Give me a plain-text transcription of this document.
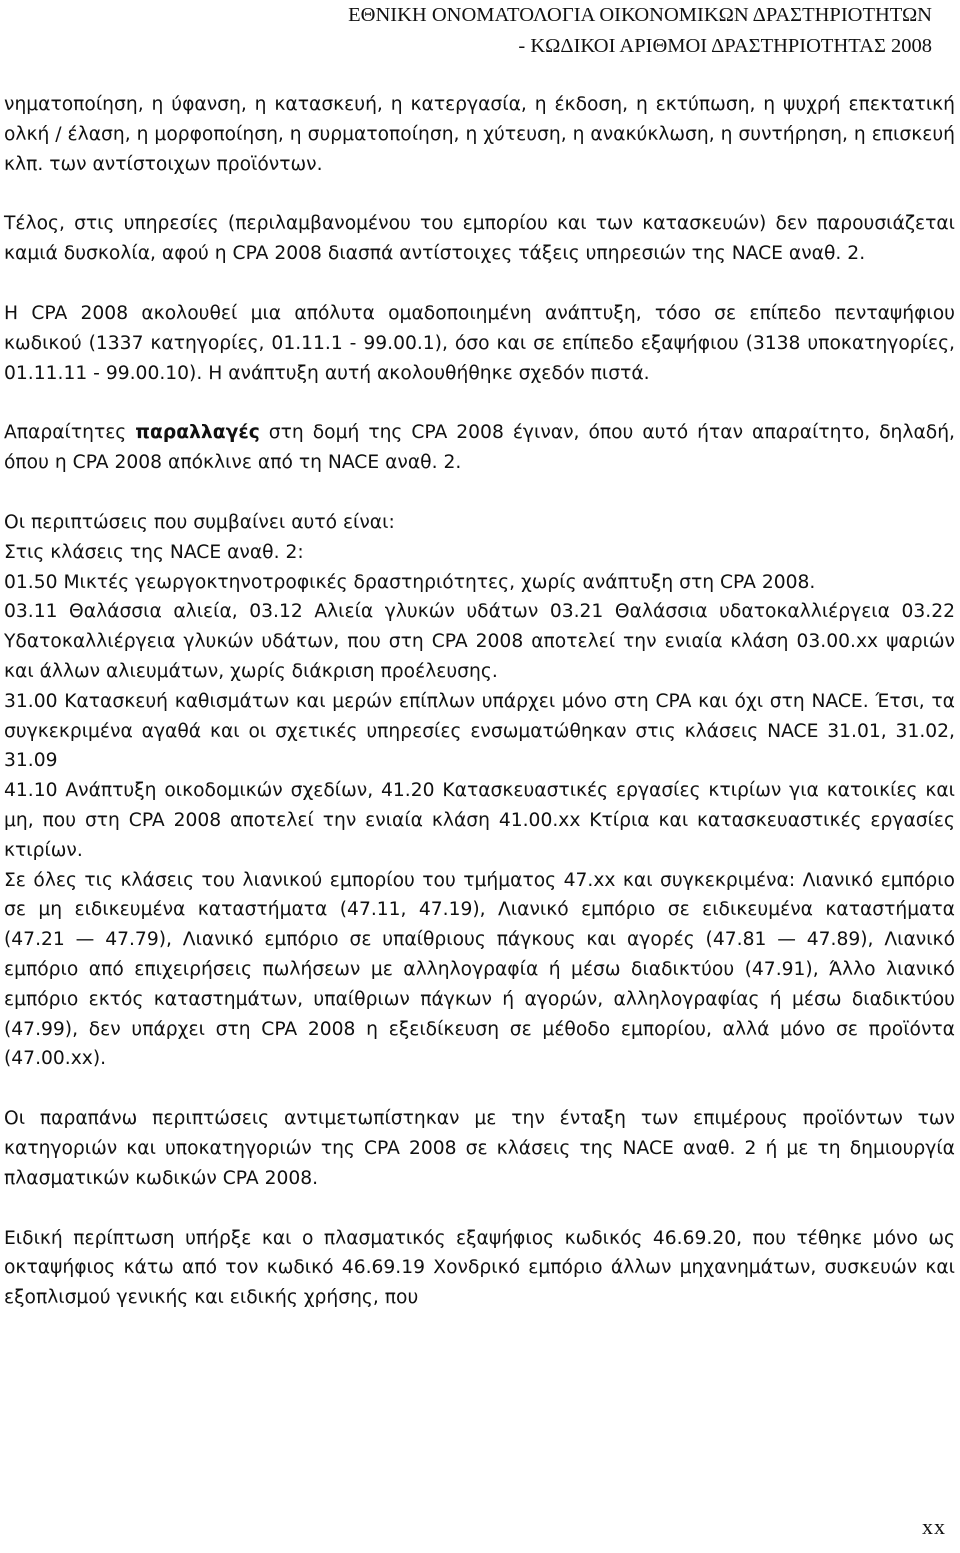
ΕΘΝΙΚΗ ΟΝΟΜΑΤΟΛΟΓΙΑ ΟΙΚΟΝΟΜΙΚΩΝ ΔΡΑΣΤΗΡΙΟΤΗΤΩΝ
- ΚΩΔΙΚΟΙ ΑΡΙΘΜΟΙ ΔΡΑΣΤΗΡΙΟΤΗΤΑΣ 2008

νηματοποίηση, η ύφανση, η κατασκευή, η κατεργασία, η έκδοση, η εκτύπωση, η ψυχρή επεκτατική ολκή / έλαση, η μορφοποίηση, η συρματοποίηση, η χύτευση, η ανακύκλωση, η συντήρηση, η επισκευή κλπ. των αντίστοιχων προϊόντων.

Τέλος, στις υπηρεσίες (περιλαμβανομένου του εμπορίου και των κατασκευών) δεν παρουσιάζεται καμιά δυσκολία, αφού η CPA 2008 διασπά αντίστοιχες τάξεις υπηρεσιών της NACE αναθ. 2.

Η CPA 2008 ακολουθεί μια απόλυτα ομαδοποιημένη ανάπτυξη, τόσο σε επίπεδο πενταψήφιου κωδικού (1337 κατηγορίες, 01.11.1 - 99.00.1), όσο και σε επίπεδο εξαψήφιου (3138 υποκατηγορίες, 01.11.11 - 99.00.10). Η ανάπτυξη αυτή ακολουθήθηκε σχεδόν πιστά.

Απαραίτητες παραλλαγές στη δομή της CPA 2008 έγιναν, όπου αυτό ήταν απαραίτητο, δηλαδή, όπου η CPA 2008 απόκλινε από τη NACE αναθ. 2.

Οι περιπτώσεις που συμβαίνει αυτό είναι:

Στις κλάσεις της NACE αναθ. 2:

01.50 Μικτές γεωργοκτηνοτροφικές δραστηριότητες, χωρίς ανάπτυξη στη CPA 2008.

03.11 Θαλάσσια αλιεία, 03.12 Αλιεία γλυκών υδάτων 03.21 Θαλάσσια υδατοκαλλιέργεια 03.22 Υδατοκαλλιέργεια γλυκών υδάτων, που στη CPA 2008 αποτελεί την ενιαία κλάση 03.00.xx ψαριών και άλλων αλιευμάτων, χωρίς διάκριση προέλευσης.

31.00 Κατασκευή καθισμάτων και μερών επίπλων υπάρχει μόνο στη CPA και όχι στη NACE. Έτσι, τα συγκεκριμένα αγαθά και οι σχετικές υπηρεσίες ενσωματώθηκαν στις κλάσεις NACE 31.01, 31.02, 31.09

41.10 Ανάπτυξη οικοδομικών σχεδίων, 41.20 Κατασκευαστικές εργασίες κτιρίων για κατοικίες και μη, που στη CPA 2008 αποτελεί την ενιαία κλάση 41.00.xx Κτίρια και κατασκευαστικές εργασίες κτιρίων.

Σε όλες τις κλάσεις του λιανικού εμπορίου του τμήματος 47.xx και συγκεκριμένα: Λιανικό εμπόριο σε μη ειδικευμένα καταστήματα (47.11, 47.19), Λιανικό εμπόριο σε ειδικευμένα καταστήματα (47.21 — 47.79), Λιανικό εμπόριο σε υπαίθριους πάγκους και αγορές (47.81 — 47.89), Λιανικό εμπόριο από επιχειρήσεις πωλήσεων με αλληλογραφία ή μέσω διαδικτύου (47.91), Άλλο λιανικό εμπόριο εκτός καταστημάτων, υπαίθριων πάγκων ή αγορών, αλληλογραφίας ή μέσω διαδικτύου (47.99), δεν υπάρχει στη CPA 2008 η εξειδίκευση σε μέθοδο εμπορίου, αλλά μόνο σε προϊόντα (47.00.xx).

Οι παραπάνω περιπτώσεις αντιμετωπίστηκαν με την ένταξη των επιμέρους προϊόντων των κατηγοριών και υποκατηγοριών της CPA 2008 σε κλάσεις της NACE αναθ. 2 ή με τη δημιουργία πλασματικών κωδικών CPA 2008.

Ειδική περίπτωση υπήρξε και ο πλασματικός εξαψήφιος κωδικός 46.69.20, που τέθηκε μόνο ως οκταψήφιος κάτω από τον κωδικό 46.69.19 Χονδρικό εμπόριο άλλων μηχανημάτων, συσκευών και εξοπλισμού γενικής και ειδικής χρήσης, που

xx
